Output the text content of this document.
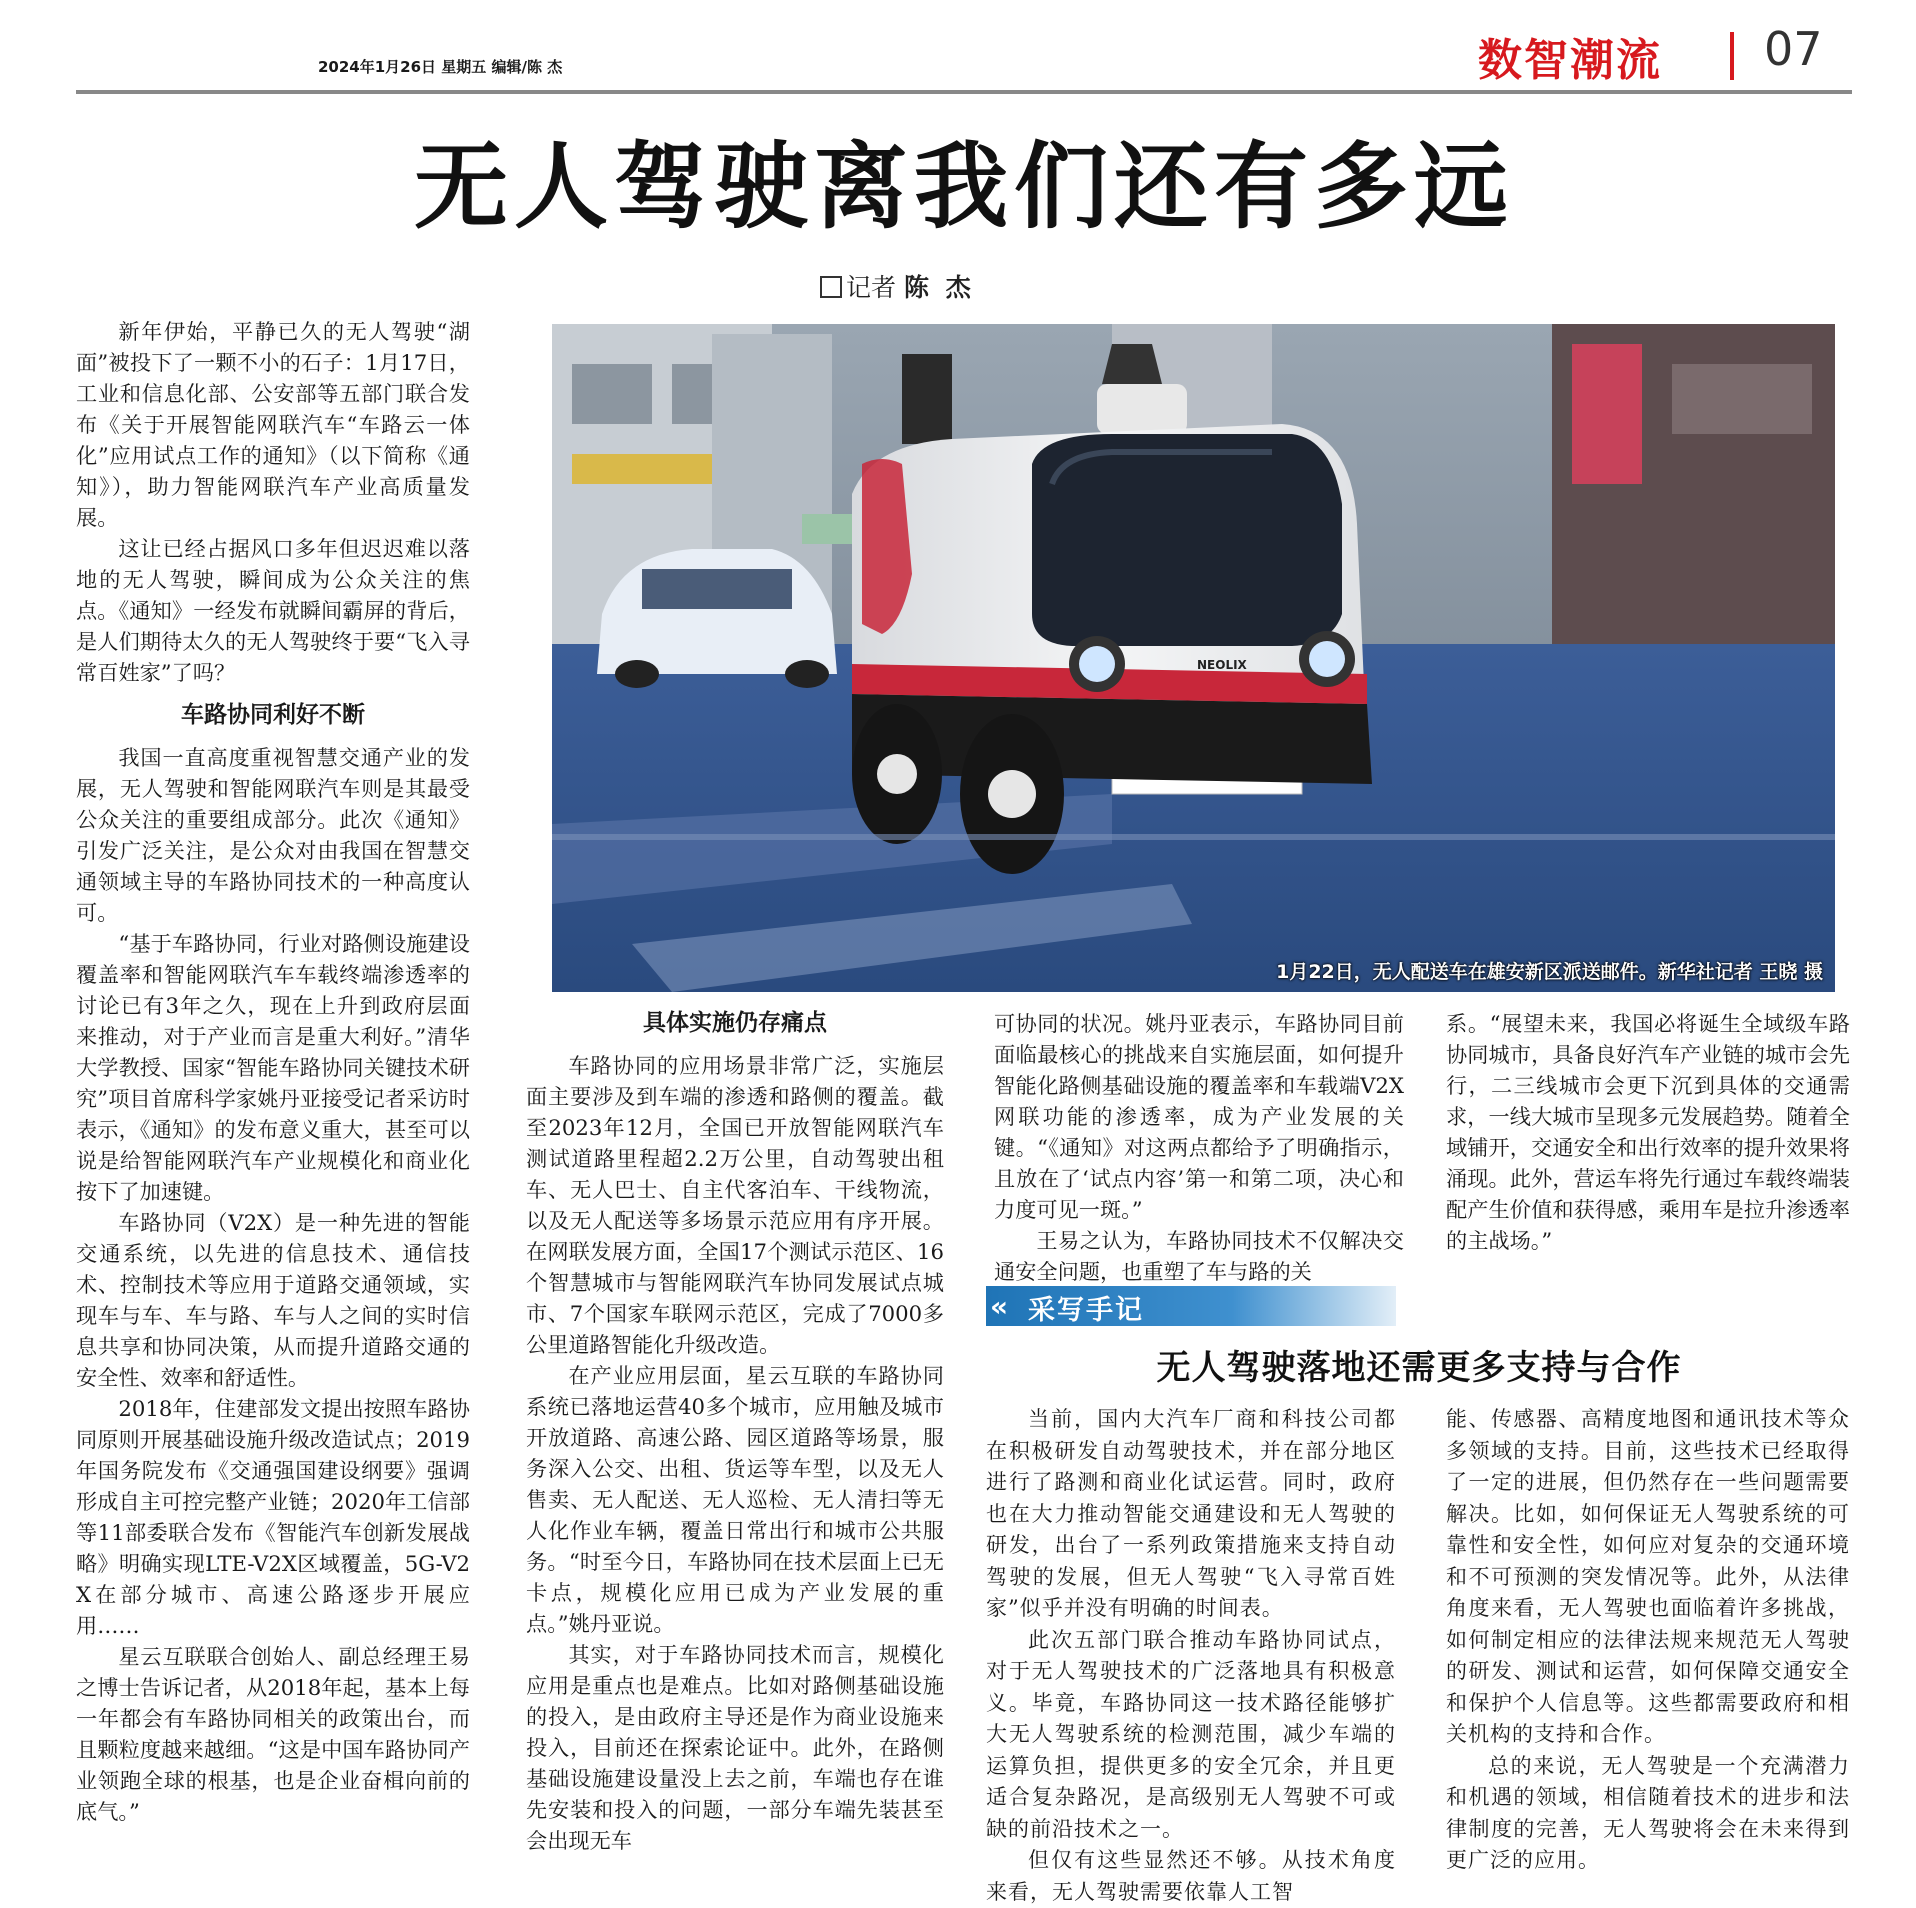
2024年1月26日 星期五 编辑/陈 杰	数智潮流 07
无人驾驶离我们还有多远
记者 陈 杰

新年伊始，平静已久的无人驾驶“湖面”被投下了一颗不小的石子：1月17日，工业和信息化部、公安部等五部门联合发布《关于开展智能网联汽车“车路云一体化”应用试点工作的通知》（以下简称《通知》），助力智能网联汽车产业高质量发展。

这让已经占据风口多年但迟迟难以落地的无人驾驶，瞬间成为公众关注的焦点。《通知》一经发布就瞬间霸屏的背后，是人们期待太久的无人驾驶终于要“飞入寻常百姓家”了吗？

车路协同利好不断

我国一直高度重视智慧交通产业的发展，无人驾驶和智能网联汽车则是其最受公众关注的重要组成部分。此次《通知》引发广泛关注，是公众对由我国在智慧交通领域主导的车路协同技术的一种高度认可。

“基于车路协同，行业对路侧设施建设覆盖率和智能网联汽车车载终端渗透率的讨论已有3年之久，现在上升到政府层面来推动，对于产业而言是重大利好。”清华大学教授、国家“智能车路协同关键技术研究”项目首席科学家姚丹亚接受记者采访时表示，《通知》的发布意义重大，甚至可以说是给智能网联汽车产业规模化和商业化按下了加速键。

车路协同（V2X）是一种先进的智能交通系统，以先进的信息技术、通信技术、控制技术等应用于道路交通领域，实现车与车、车与路、车与人之间的实时信息共享和协同决策，从而提升道路交通的安全性、效率和舒适性。

2018年，住建部发文提出按照车路协同原则开展基础设施升级改造试点；2019年国务院发布《交通强国建设纲要》强调形成自主可控完整产业链；2020年工信部等11部委联合发布《智能汽车创新发展战略》明确实现LTE-V2X区域覆盖，5G-V2X在部分城市、高速公路逐步开展应用……

星云互联联合创始人、副总经理王易之博士告诉记者，从2018年起，基本上每一年都会有车路协同相关的政策出台，而且颗粒度越来越细。“这是中国车路协同产业领跑全球的根基，也是企业奋楫向前的底气。”

NEOLIX
1月22日，无人配送车在雄安新区派送邮件。新华社记者 王晓 摄
具体实施仍存痛点

车路协同的应用场景非常广泛，实施层面主要涉及到车端的渗透和路侧的覆盖。截至2023年12月，全国已开放智能网联汽车测试道路里程超2.2万公里，自动驾驶出租车、无人巴士、自主代客泊车、干线物流，以及无人配送等多场景示范应用有序开展。在网联发展方面，全国17个测试示范区、16个智慧城市与智能网联汽车协同发展试点城市、7个国家车联网示范区，完成了7000多公里道路智能化升级改造。

在产业应用层面，星云互联的车路协同系统已落地运营40多个城市，应用触及城市开放道路、高速公路、园区道路等场景，服务深入公交、出租、货运等车型，以及无人售卖、无人配送、无人巡检、无人清扫等无人化作业车辆，覆盖日常出行和城市公共服务。“时至今日，车路协同在技术层面上已无卡点，规模化应用已成为产业发展的重点。”姚丹亚说。

其实，对于车路协同技术而言，规模化应用是重点也是难点。比如对路侧基础设施的投入，是由政府主导还是作为商业设施来投入，目前还在探索论证中。此外，在路侧基础设施建设量没上去之前，车端也存在谁先安装和投入的问题，一部分车端先装甚至会出现无车

可协同的状况。姚丹亚表示，车路协同目前面临最核心的挑战来自实施层面，如何提升智能化路侧基础设施的覆盖率和车载端V2X网联功能的渗透率，成为产业发展的关键。“《通知》对这两点都给予了明确指示，且放在了‘试点内容’第一和第二项，决心和力度可见一斑。”

王易之认为，车路协同技术不仅解决交通安全问题，也重塑了车与路的关

系。“展望未来，我国必将诞生全域级车路协同城市，具备良好汽车产业链的城市会先行，二三线城市会更下沉到具体的交通需求，一线大城市呈现多元发展趋势。随着全域铺开，交通安全和出行效率的提升效果将涌现。此外，营运车将先行通过车载终端装配产生价值和获得感，乘用车是拉升渗透率的主战场。”

« 采写手记
无人驾驶落地还需更多支持与合作

当前，国内大汽车厂商和科技公司都在积极研发自动驾驶技术，并在部分地区进行了路测和商业化试运营。同时，政府也在大力推动智能交通建设和无人驾驶的研发，出台了一系列政策措施来支持自动驾驶的发展，但无人驾驶“飞入寻常百姓家”似乎并没有明确的时间表。

此次五部门联合推动车路协同试点，对于无人驾驶技术的广泛落地具有积极意义。毕竟，车路协同这一技术路径能够扩大无人驾驶系统的检测范围，减少车端的运算负担，提供更多的安全冗余，并且更适合复杂路况，是高级别无人驾驶不可或缺的前沿技术之一。

但仅有这些显然还不够。从技术角度来看，无人驾驶需要依靠人工智

能、传感器、高精度地图和通讯技术等众多领域的支持。目前，这些技术已经取得了一定的进展，但仍然存在一些问题需要解决。比如，如何保证无人驾驶系统的可靠性和安全性，如何应对复杂的交通环境和不可预测的突发情况等。此外，从法律角度来看，无人驾驶也面临着许多挑战，如何制定相应的法律法规来规范无人驾驶的研发、测试和运营，如何保障交通安全和保护个人信息等。这些都需要政府和相关机构的支持和合作。

总的来说，无人驾驶是一个充满潜力和机遇的领域，相信随着技术的进步和法律制度的完善，无人驾驶将会在未来得到更广泛的应用。
